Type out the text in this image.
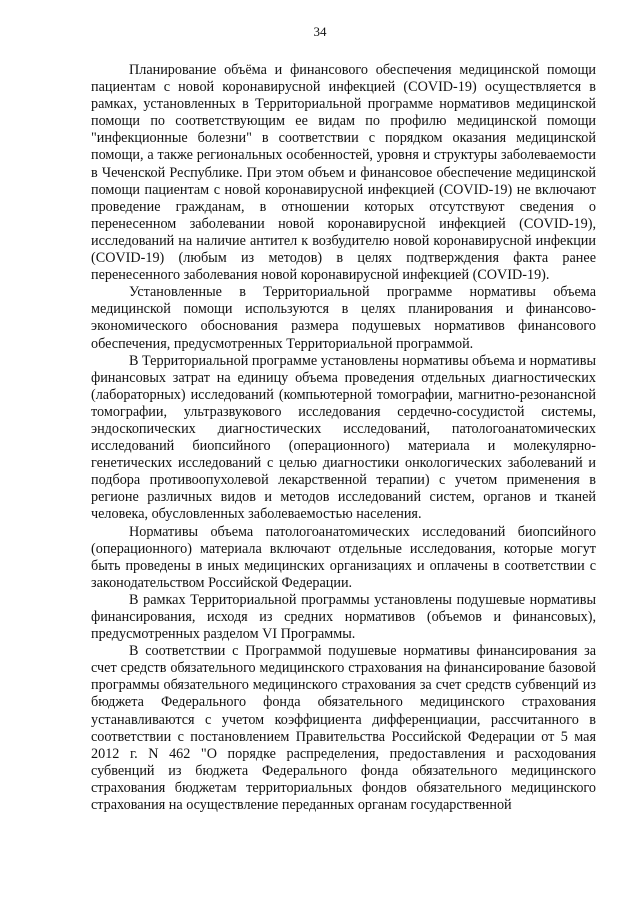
34

Планирование объёма и финансового обеспечения медицинской помощи пациентам с новой коронавирусной инфекцией (COVID-19) осуществляется в рамках, установленных в Территориальной программе нормативов медицинской помощи по соответствующим ее видам по профилю медицинской помощи "инфекционные болезни" в соответствии с порядком оказания медицинской помощи, а также региональных особенностей, уровня и структуры заболеваемости в Чеченской Республике. При этом объем и финансовое обеспечение медицинской помощи пациентам с новой коронавирусной инфекцией (COVID-19) не включают проведение гражданам, в отношении которых отсутствуют сведения о перенесенном заболевании новой коронавирусной инфекцией (COVID-19), исследований на наличие антител к возбудителю новой коронавирусной инфекции (COVID-19) (любым из методов) в целях подтверждения факта ранее перенесенного заболевания новой коронавирусной инфекцией (COVID-19).

Установленные в Территориальной программе нормативы объема медицинской помощи используются в целях планирования и финансово-экономического обоснования размера подушевых нормативов финансового обеспечения, предусмотренных Территориальной программой.

В Территориальной программе установлены нормативы объема и нормативы финансовых затрат на единицу объема проведения отдельных диагностических (лабораторных) исследований (компьютерной томографии, магнитно-резонансной томографии, ультразвукового исследования сердечно-сосудистой системы, эндоскопических диагностических исследований, патологоанатомических исследований биопсийного (операционного) материала и молекулярно-генетических исследований с целью диагностики онкологических заболеваний и подбора противоопухолевой лекарственной терапии) с учетом применения в регионе различных видов и методов исследований систем, органов и тканей человека, обусловленных заболеваемостью населения.

Нормативы объема патологоанатомических исследований биопсийного (операционного) материала включают отдельные исследования, которые могут быть проведены в иных медицинских организациях и оплачены в соответствии с законодательством Российской Федерации.

В рамках Территориальной программы установлены подушевые нормативы финансирования, исходя из средних нормативов (объемов и финансовых), предусмотренных разделом VI Программы.

В соответствии с Программой подушевые нормативы финансирования за счет средств обязательного медицинского страхования на финансирование базовой программы обязательного медицинского страхования за счет средств субвенций из бюджета Федерального фонда обязательного медицинского страхования устанавливаются с учетом коэффициента дифференциации, рассчитанного в соответствии с постановлением Правительства Российской Федерации от 5 мая 2012 г. N 462 "О порядке распределения, предоставления и расходования субвенций из бюджета Федерального фонда обязательного медицинского страхования бюджетам территориальных фондов обязательного медицинского страхования на осуществление переданных органам государственной
